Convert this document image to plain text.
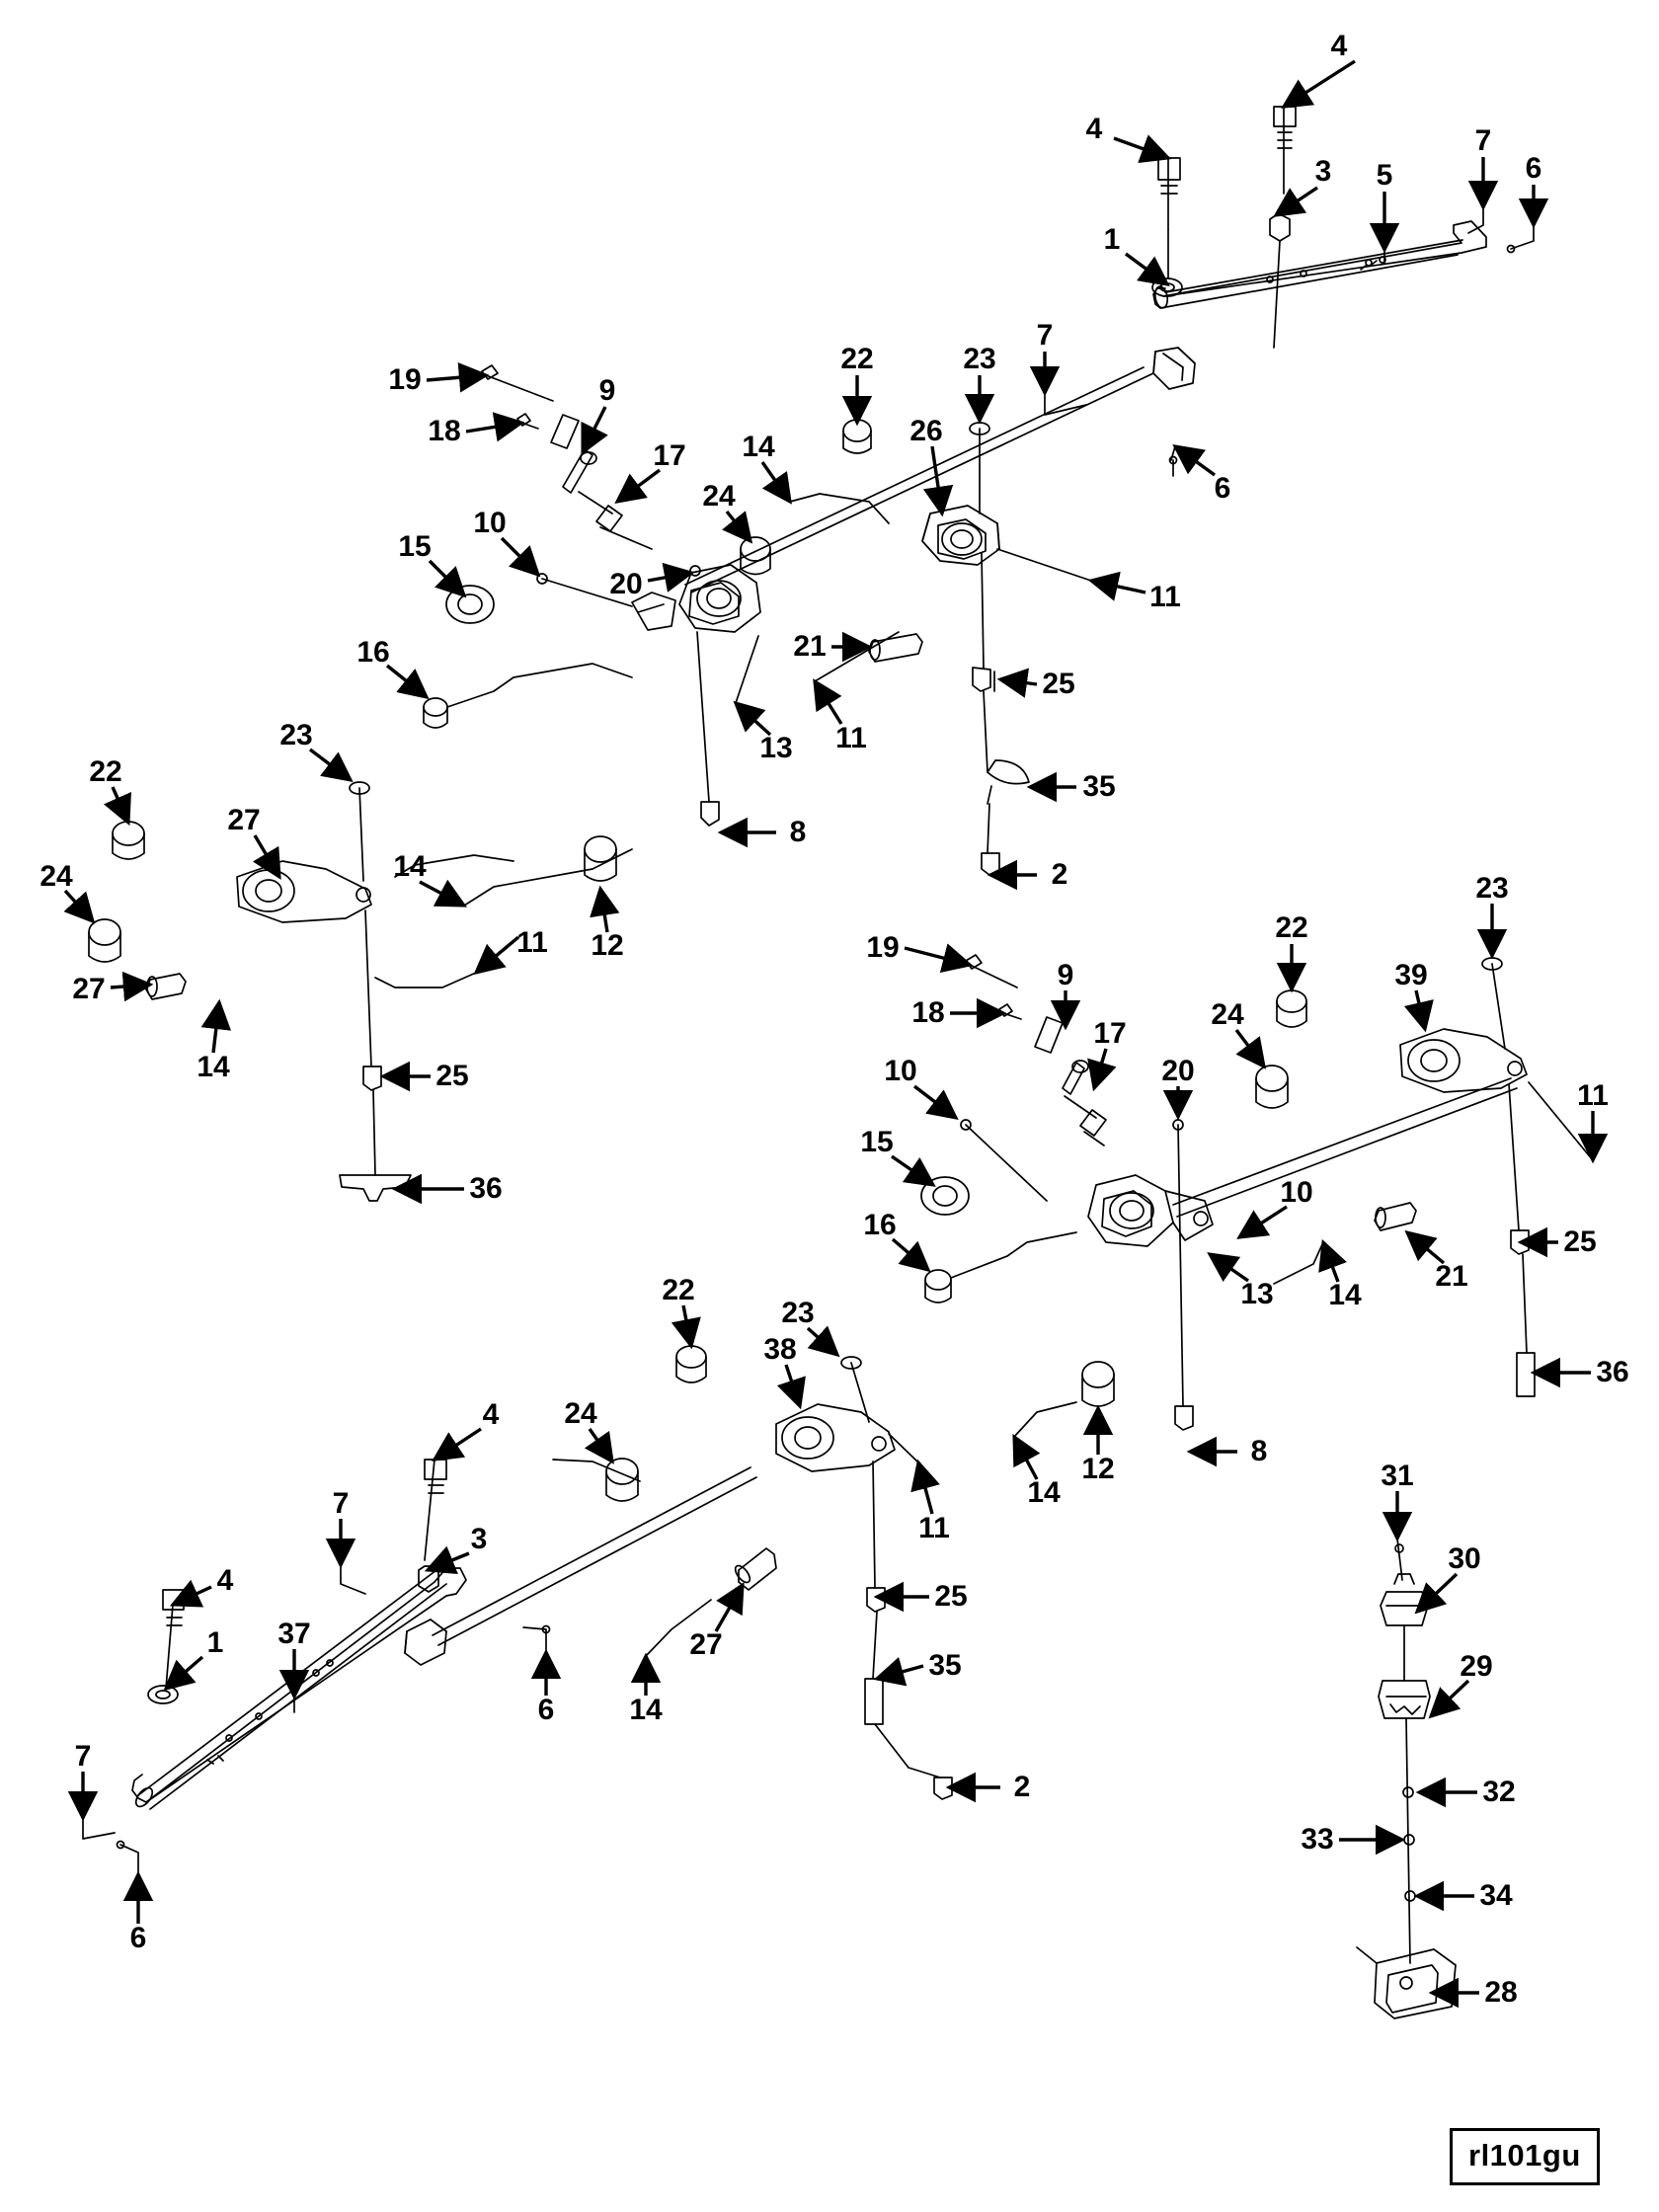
rl101gu
4
4
3 5
7
6
1
7
22	23
19
26
9
18
17 14
6
24
10
15
20	11
16	21
13 11
23
25
35
22
27	8
24	14	2
11 12
27
14
19
22
23
39
9
18
17
24
20
11
10
15
10
16
21
14
13
25
22
23
38
36
25
36
24
4
8
12
14
7
3	11
31
30
29
4
1 37
25
27
35
6	14
32
7
2
33
34
6
28
